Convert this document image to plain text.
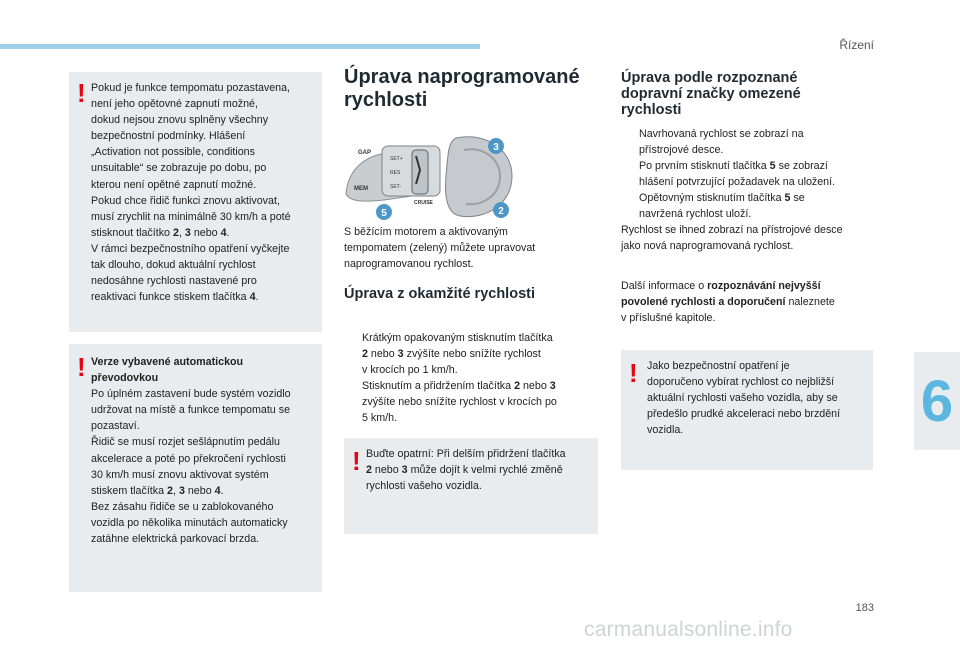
Řízení
6
! Pokud je funkce tempomatu pozastavena,

není jeho opětovné zapnutí možné,

dokud nejsou znovu splněny všechny

bezpečnostní podmínky. Hlášení

„Activation not possible, conditions

unsuitable“ se zobrazuje po dobu, po

kterou není opětné zapnutí možné.

Pokud chce řidič funkci znovu aktivovat,

musí zrychlit na minimálně 30 km/h a poté

stisknout tlačítko 2, 3 nebo 4.

V rámci bezpečnostního opatření vyčkejte

tak dlouho, dokud aktuální rychlost

nedosáhne rychlosti nastavené pro

reaktivaci funkce stiskem tlačítka 4.

! Verze vybavené automatickou

převodovkou

Po úplném zastavení bude systém vozidlo

udržovat na místě a funkce tempomatu se

pozastaví.

Řidič se musí rozjet sešlápnutím pedálu

akcelerace a poté po překročení rychlosti

30 km/h musí znovu aktivovat systém

stiskem tlačítka 2, 3 nebo 4.

Bez zásahu řidiče se u zablokovaného

vozidla po několika minutách automaticky

zatáhne elektrická parkovací brzda.

Úprava naprogramované
rychlosti
GAP
MEM
CRUISE
SET+
SET-
RES
3
2
5

S běžícím motorem a aktivovaným

tempomatem (zelený) můžete upravovat

naprogramovanou rychlost.

Úprava z okamžité rychlosti

Krátkým opakovaným stisknutím tlačítka

2 nebo 3 zvýšíte nebo snížíte rychlost

v krocích po 1 km/h.

Stisknutím a přidržením tlačítka 2 nebo 3

zvýšíte nebo snížíte rychlost v krocích po

5 km/h.

! Buďte opatrní: Při delším přidržení tlačítka

2 nebo 3 může dojít k velmi rychlé změně

rychlosti vašeho vozidla.

Úprava podle rozpoznané
dopravní značky omezené
rychlosti

Navrhovaná rychlost se zobrazí na

přístrojové desce.

Po prvním stisknutí tlačítka 5 se zobrazí

hlášení potvrzující požadavek na uložení.

Opětovným stisknutím tlačítka 5 se

navržená rychlost uloží.

Rychlost se ihned zobrazí na přístrojové desce

jako nová naprogramovaná rychlost.

Další informace o rozpoznávání nejvyšší

povolené rychlosti a doporučení naleznete

v příslušné kapitole.

! Jako bezpečnostní opatření je

doporučeno vybírat rychlost co nejbližší

aktuální rychlosti vašeho vozidla, aby se

předešlo prudké akceleraci nebo brzdění

vozidla.

183
carmanualsonline.info
